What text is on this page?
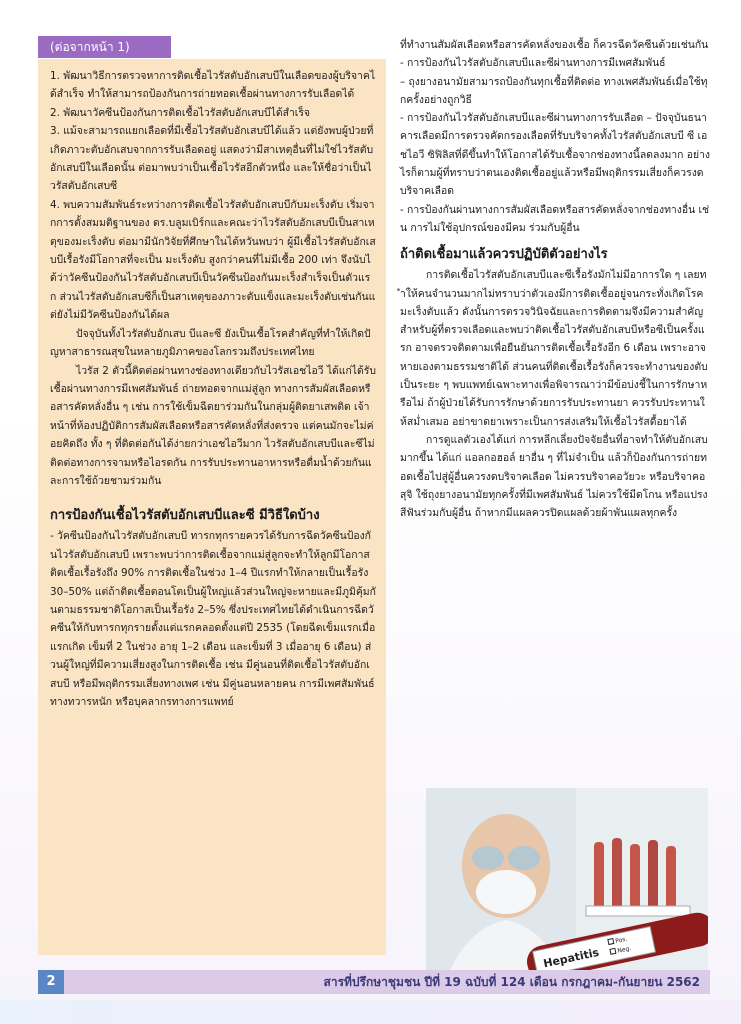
(ต่อจากหน้า 1)

1. พัฒนาวิธีการตรวจหาการติดเชื้อไวรัสตับอักเสบบีในเลือดของผู้บริจาคได้สำเร็จ ทำให้สามารถป้องกันการถ่ายทอดเชื้อผ่านทางการรับเลือดได้

2. พัฒนาวัคซีนป้องกันการติดเชื้อไวรัสตับอักเสบบีได้สำเร็จ

3. แม้จะสามารถแยกเลือดที่มีเชื้อไวรัสตับอักเสบบีได้แล้ว แต่ยังพบผู้ป่วยที่เกิดภาวะตับอักเสบจากการรับเลือดอยู่ แสดงว่ามีสาเหตุอื่นที่ไม่ใช่ไวรัสตับอักเสบบีในเลือดนั้น ต่อมาพบว่าเป็นเชื้อไวรัสอีกตัวหนึ่ง และให้ชื่อว่าเป็นไวรัสตับอักเสบซี

4. พบความสัมพันธ์ระหว่างการติดเชื้อไวรัสตับอักเสบบีกับมะเร็งตับ เริ่มจากการตั้งสมมติฐานของ ดร.บลูมเบิร์กและคณะว่าไวรัสตับอักเสบบีเป็นสาเหตุของมะเร็งตับ ต่อมามีนักวิจัยที่ศึกษาในไต้หวันพบว่า ผู้มีเชื้อไวรัสตับอักเสบบีเรื้อรังมีโอกาสที่จะเป็น มะเร็งตับ สูงกว่าคนที่ไม่มีเชื้อ 200 เท่า จึงนับได้ว่าวัคซีนป้องกันไวรัสตับอักเสบบีเป็นวัคซีนป้องกันมะเร็งสำเร็จเป็นตัวแรก ส่วนไวรัสตับอักเสบซีก็เป็นสาเหตุของภาวะตับแข็งและมะเร็งตับเช่นกันแต่ยังไม่มีวัคซีนป้องกันได้ผล

ปัจจุบันทั้งไวรัสตับอักเสบ บีและซี ยังเป็นเชื้อโรคสำคัญที่ทำให้เกิดปัญหาสาธารณสุขในหลายภูมิภาคของโลกรวมถึงประเทศไทย

ไวรัส 2 ตัวนี้ติดต่อผ่านทางช่องทางเดียวกับไวรัสเอชไอวี ได้แก่ได้รับเชื้อผ่านทางการมีเพศสัมพันธ์ ถ่ายทอดจากแม่สู่ลูก ทางการสัมผัสเลือดหรือสารคัดหลั่งอื่น ๆ เช่น การใช้เข็มฉีดยาร่วมกันในกลุ่มผู้ติดยาเสพติด เจ้าหน้าที่ห้องปฏิบัติการสัมผัสเลือดหรือสารคัดหลั่งที่ส่งตรวจ แต่คนมักจะไม่ค่อยคิดถึง ทั้ง ๆ ที่ติดต่อกันได้ง่ายกว่าเอชไอวีมาก ไวรัสตับอักเสบบีและซีไม่ติดต่อทางการจามหรือไอรดกัน การรับประทานอาหารหรือดื่มน้ำด้วยกันและการใช้ถ้วยชามร่วมกัน

การป้องกันเชื้อไวรัสตับอักเสบบีและซี มีวิธีใดบ้าง

- วัคซีนป้องกันไวรัสตับอักเสบบี ทารกทุกรายควรได้รับการฉีดวัคซีนป้องกันไวรัสตับอักเสบบี เพราะพบว่าการติดเชื้อจากแม่สู่ลูกจะทำให้ลูกมีโอกาสติดเชื้อเรื้อรังถึง 90% การติดเชื้อในช่วง 1–4 ปีแรกทำให้กลายเป็นเรื้อรัง 30–50% แต่ถ้าติดเชื้อตอนโตเป็นผู้ใหญ่แล้วส่วนใหญ่จะหายและมีภูมิคุ้มกันตามธรรมชาติโอกาสเป็นเรื้อรัง 2–5% ซึ่งประเทศไทยได้ดำเนินการฉีดวัคซีนให้กับทารกทุกรายตั้งแต่แรกคลอดตั้งแต่ปี 2535 (โดยฉีดเข็มแรกเมื่อแรกเกิด เข็มที่ 2 ในช่วง อายุ 1–2 เดือน และเข็มที่ 3 เมื่ออายุ 6 เดือน) ส่วนผู้ใหญ่ที่มีความเสี่ยงสูงในการติดเชื้อ เช่น มีคู่นอนที่ติดเชื้อไวรัสตับอักเสบบี หรือมีพฤติกรรมเสี่ยงทางเพศ เช่น มีคู่นอนหลายคน การมีเพศสัมพันธ์ทางทวารหนัก หรือบุคลากรทางการแพทย์

ที่ทำงานสัมผัสเลือดหรือสารคัดหลั่งของเชื้อ ก็ควรฉีดวัคซีนด้วยเช่นกัน

- การป้องกันไวรัสตับอักเสบบีและซีผ่านทางการมีเพศสัมพันธ์

– ถุงยางอนามัยสามารถป้องกันทุกเชื้อที่ติดต่อ ทางเพศสัมพันธ์เมื่อใช้ทุกครั้งอย่างถูกวิธี

- การป้องกันไวรัสตับอักเสบบีและซีผ่านทางการรับเลือด – ปัจจุบันธนาคารเลือดมีการตรวจคัดกรองเลือดที่รับบริจาคทั้งไวรัสตับอักเสบบี ซี เอชไอวี ซิฟิลิสที่ดีขึ้นทำให้โอกาสได้รับเชื้อจากช่องทางนี้ลดลงมาก อย่างไรก็ตามผู้ที่ทราบว่าตนเองติดเชื้ออยู่แล้วหรือมีพฤติกรรมเสี่ยงก็ควรงดบริจาคเลือด

- การป้องกันผ่านทางการสัมผัสเลือดหรือสารคัดหลั่งจากช่องทางอื่น เช่น การไม่ใช้อุปกรณ์ของมีคม ร่วมกับผู้อื่น

ถ้าติดเชื้อมาแล้วควรปฏิบัติตัวอย่างไร

การติดเชื้อไวรัสตับอักเสบบีและซีเรื้อรังมักไม่มีอาการใด ๆ เลยทำให้คนจำนวนมากไม่ทราบว่าตัวเองมีการติดเชื้ออยู่จนกระทั่งเกิดโรคมะเร็งตับแล้ว ดังนั้นการตรวจวินิจฉัยและการติดตามจึงมีความสำคัญ สำหรับผู้ที่ตรวจเลือดและพบว่าติดเชื้อไวรัสตับอักเสบบีหรือซีเป็นครั้งแรก อาจตรวจติดตามเพื่อยืนยันการติดเชื้อเรื้อรังอีก 6 เดือน เพราะอาจหายเองตามธรรมชาติได้ ส่วนคนที่ติดเชื้อเรื้อรังก็ควรจะทำงานของตับเป็นระยะ ๆ พบแพทย์เฉพาะทางเพื่อพิจารณาว่ามีข้อบ่งชี้ในการรักษาหรือไม่ ถ้าผู้ป่วยได้รับการรักษาด้วยการรับประทานยา ควรรับประทานให้สม่ำเสมอ อย่าขาดยาเพราะเป็นการส่งเสริมให้เชื้อไวรัสดื้อยาได้

การดูแลตัวเองได้แก่ การหลีกเลี่ยงปัจจัยอื่นที่อาจทำให้ตับอักเสบมากขึ้น ได้แก่ แอลกอฮอล์ ยาอื่น ๆ ที่ไม่จำเป็น แล้วก็ป้องกันการถ่ายทอดเชื้อไปสู่ผู้อื่นควรงดบริจาคเลือด ไม่ควรบริจาคอวัยวะ หรือบริจาคอสุจิ ใช้ถุงยางอนามัยทุกครั้งที่มีเพศสัมพันธ์ ไม่ควรใช้มีดโกน หรือแปรงสีฟันร่วมกับผู้อื่น ถ้าหากมีแผลควรปิดแผลด้วยผ้าพันแผลทุกครั้ง

Hepatitis
Pos.
Neg.
2	สารที่ปรึกษาชุมชน ปีที่ 19 ฉบับที่ 124 เดือน กรกฎาคม-กันยายน 2562
